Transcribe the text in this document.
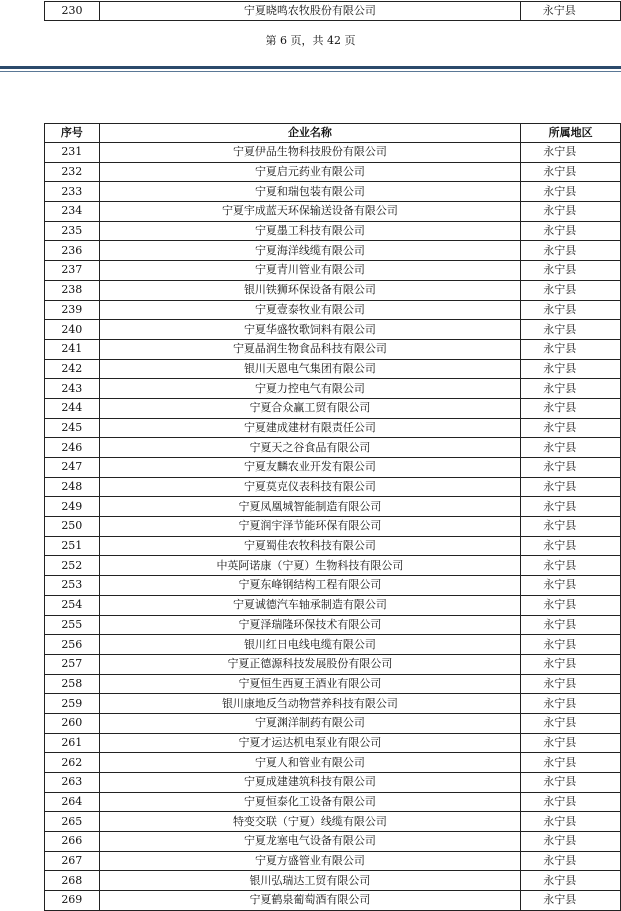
230	宁夏晓鸣农牧股份有限公司	永宁县
第 6 页，共 42 页
序号	企业名称	所属地区
231	宁夏伊品生物科技股份有限公司	永宁县
232	宁夏启元药业有限公司	永宁县
233	宁夏和瑞包装有限公司	永宁县
234	宁夏宇成蓝天环保输送设备有限公司	永宁县
235	宁夏墨工科技有限公司	永宁县
236	宁夏海洋线缆有限公司	永宁县
237	宁夏青川管业有限公司	永宁县
238	银川铁狮环保设备有限公司	永宁县
239	宁夏壹泰牧业有限公司	永宁县
240	宁夏华盛牧歌饲料有限公司	永宁县
241	宁夏晶润生物食品科技有限公司	永宁县
242	银川天恩电气集团有限公司	永宁县
243	宁夏力控电气有限公司	永宁县
244	宁夏合众赢工贸有限公司	永宁县
245	宁夏建成建材有限责任公司	永宁县
246	宁夏天之谷食品有限公司	永宁县
247	宁夏友麟农业开发有限公司	永宁县
248	宁夏莫克仪表科技有限公司	永宁县
249	宁夏凤凰城智能制造有限公司	永宁县
250	宁夏润宇泽节能环保有限公司	永宁县
251	宁夏蜀佳农牧科技有限公司	永宁县
252	中英阿诺康（宁夏）生物科技有限公司	永宁县
253	宁夏东峰钢结构工程有限公司	永宁县
254	宁夏诚德汽车轴承制造有限公司	永宁县
255	宁夏泽瑞隆环保技术有限公司	永宁县
256	银川红日电线电缆有限公司	永宁县
257	宁夏正德源科技发展股份有限公司	永宁县
258	宁夏恒生西夏王酒业有限公司	永宁县
259	银川康地反刍动物营养科技有限公司	永宁县
260	宁夏渊洋制药有限公司	永宁县
261	宁夏才运达机电泵业有限公司	永宁县
262	宁夏人和管业有限公司	永宁县
263	宁夏成建建筑科技有限公司	永宁县
264	宁夏恒泰化工设备有限公司	永宁县
265	特变交联（宁夏）线缆有限公司	永宁县
266	宁夏龙塞电气设备有限公司	永宁县
267	宁夏方盛管业有限公司	永宁县
268	银川弘瑞达工贸有限公司	永宁县
269	宁夏鹤泉葡萄酒有限公司	永宁县
